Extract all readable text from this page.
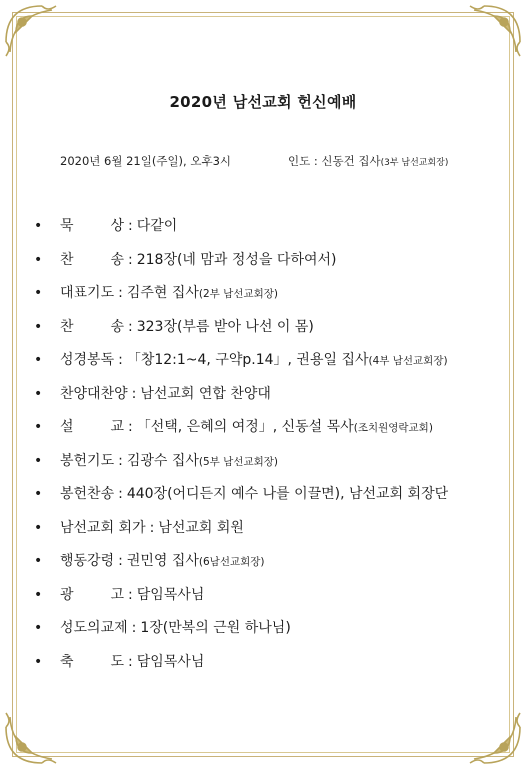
2020년 남선교회 헌신예배
2020년 6월 21일(주일), 오후3시	인도 : 신동건 집사(3부 남선교회장)
• 묵	상 : 다같이
• 찬	송 : 218장(네 맘과 정성을 다하여서)
• 대표기도 : 김주현 집사(2부 남선교회장)
• 찬	송 : 323장(부름 받아 나선 이 몸)
• 성경봉독 : 「창12:1~4, 구약p.14」, 권용일 집사(4부 남선교회장)
• 찬양대찬양 : 남선교회 연합 찬양대
• 설	교 : 「선택, 은혜의 여정」, 신동설 목사(조치원영락교회)
• 봉헌기도 : 김광수 집사(5부 남선교회장)
• 봉헌찬송 : 440장(어디든지 예수 나를 이끌면), 남선교회 회장단
• 남선교회 회가 : 남선교회 회원
• 행동강령 : 권민영 집사(6남선교회장)
• 광	고 : 담임목사님
• 성도의교제 : 1장(만복의 근원 하나님)
• 축	도 : 담임목사님
